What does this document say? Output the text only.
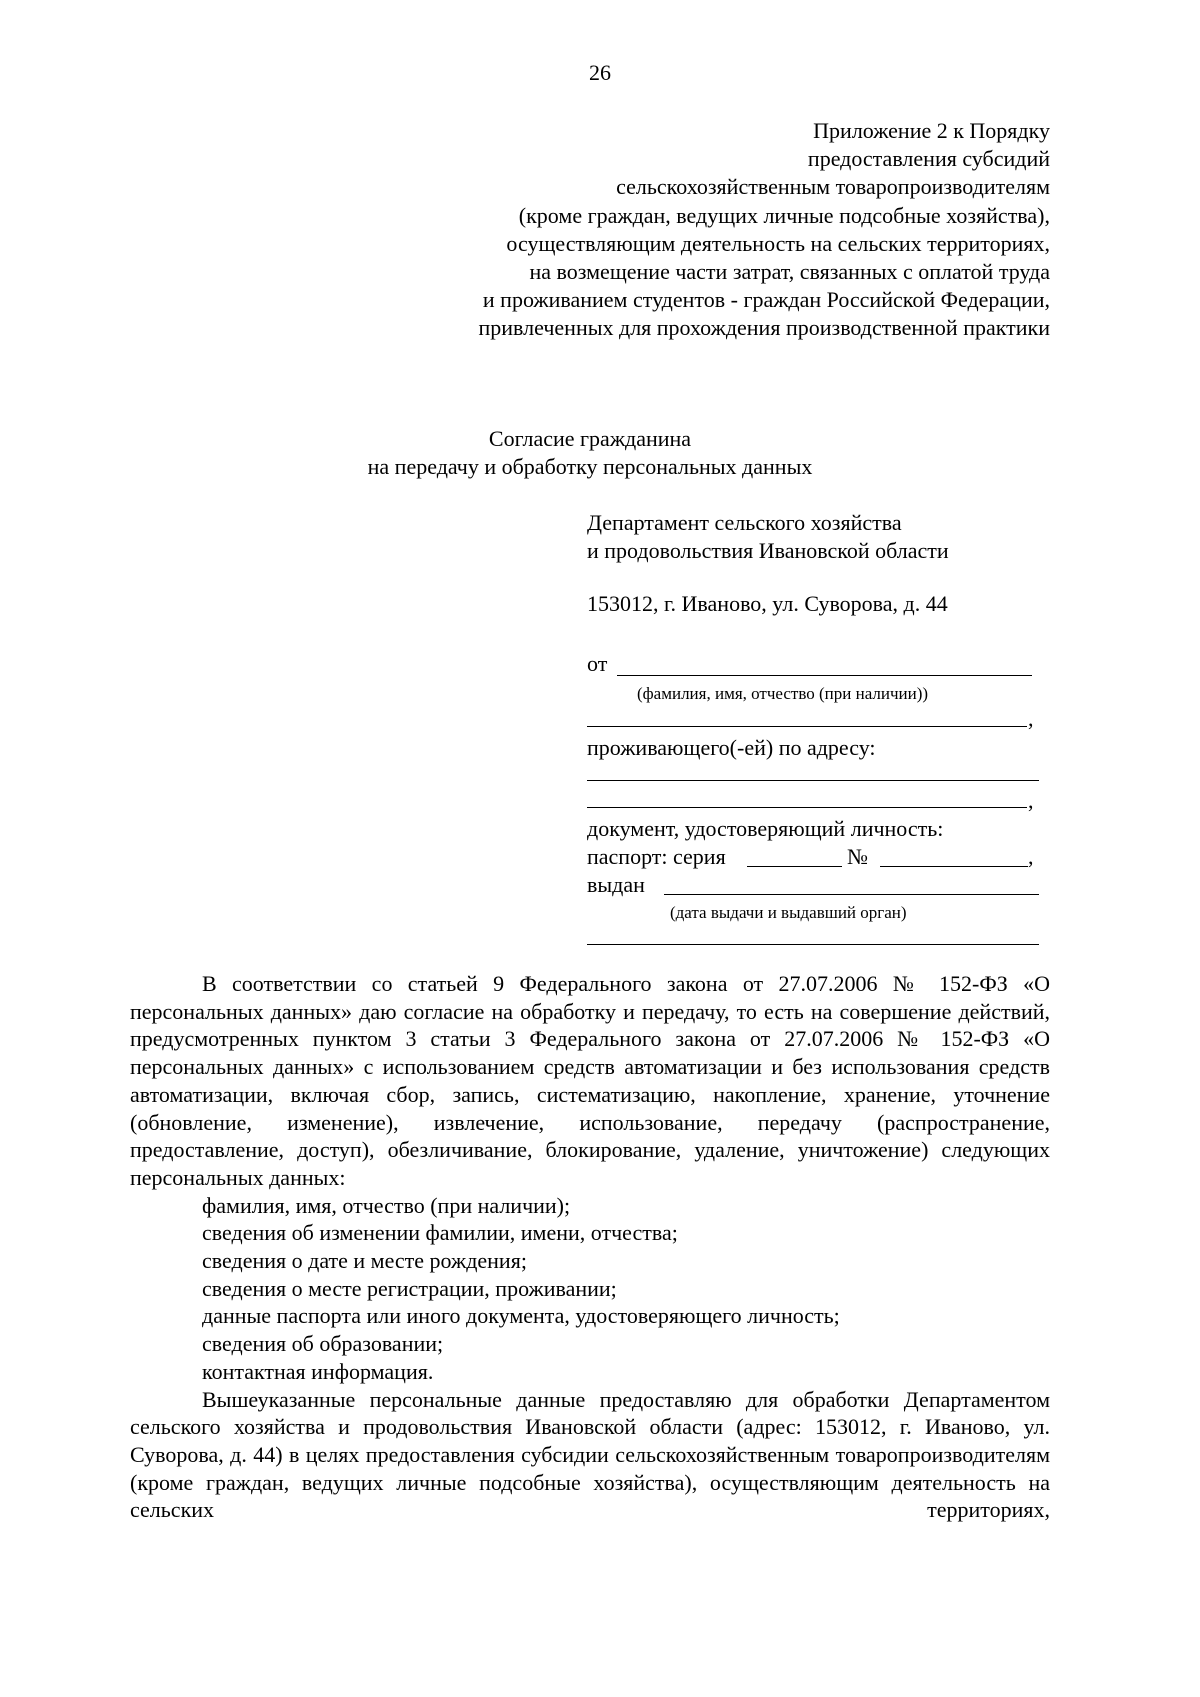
26
Приложение 2 к Порядку
предоставления субсидий
сельскохозяйственным товаропроизводителям
(кроме граждан, ведущих личные подсобные хозяйства),
осуществляющим деятельность на сельских территориях,
на возмещение части затрат, связанных с оплатой труда
и проживанием студентов - граждан Российской Федерации,
привлеченных для прохождения производственной практики
Согласие гражданина
на передачу и обработку персональных данных
Департамент сельского хозяйства
и продовольствия Ивановской области
153012, г. Иваново, ул. Суворова, д. 44
от
(фамилия, имя, отчество (при наличии))
,
проживающего(-ей) по адресу:
,
документ, удостоверяющий личность:
паспорт: серия	№	,
выдан
(дата выдачи и выдавший орган)

В соответствии со статьей 9 Федерального закона от 27.07.2006 № 152-ФЗ «О персональных данных» даю согласие на обработку и передачу, то есть на совершение действий, предусмотренных пунктом 3 статьи 3 Федерального закона от 27.07.2006 № 152-ФЗ «О персональных данных» с использованием средств автоматизации и без использования средств автоматизации, включая сбор, запись, систематизацию, накопление, хранение, уточнение (обновление, изменение), извлечение, использование, передачу (распространение, предоставление, доступ), обезличивание, блокирование, удаление, уничтожение) следующих персональных данных:

фамилия, имя, отчество (при наличии);
сведения об изменении фамилии, имени, отчества;
сведения о дате и месте рождения;
сведения о месте регистрации, проживании;
данные паспорта или иного документа, удостоверяющего личность;
сведения об образовании;
контактная информация.

Вышеуказанные персональные данные предоставляю для обработки Департаментом сельского хозяйства и продовольствия Ивановской области (адрес: 153012, г. Иваново, ул. Суворова, д. 44) в целях предоставления субсидии сельскохозяйственным товаропроизводителям (кроме граждан, ведущих личные подсобные хозяйства), осуществляющим деятельность на сельских территориях,
